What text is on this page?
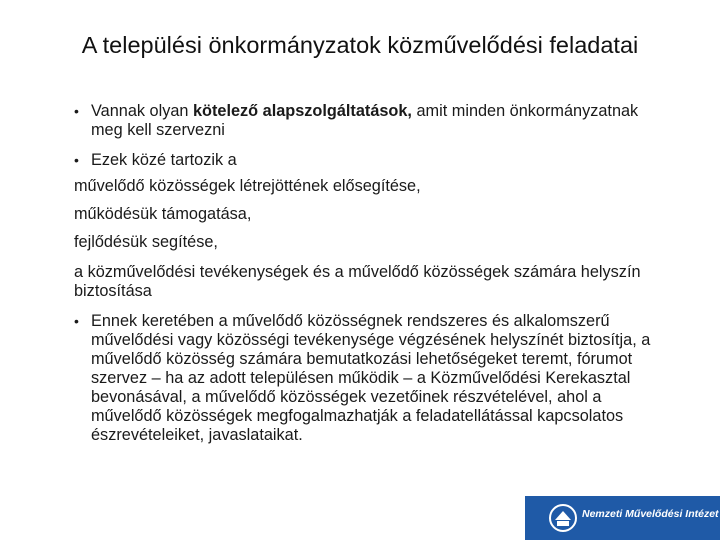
A települési önkormányzatok közművelődési feladatai
• Vannak olyan kötelező alapszolgáltatások, amit minden önkormányzatnak meg kell szervezni
• Ezek közé tartozik a
művelődő közösségek létrejöttének elősegítése,
működésük támogatása,
fejlődésük segítése,
a közművelődési tevékenységek és a művelődő közösségek számára helyszín biztosítása
• Ennek keretében a művelődő közösségnek rendszeres és alkalomszerű művelődési vagy közösségi tevékenysége végzésének helyszínét biztosítja, a művelődő közösség számára bemutatkozási lehetőségeket teremt, fórumot szervez – ha az adott településen működik – a Közművelődési Kerekasztal bevonásával, a művelődő közösségek vezetőinek részvételével, ahol a művelődő közösségek megfogalmazhatják a feladatellátással kapcsolatos észrevételeiket, javaslataikat.
Nemzeti Művelődési Intézet
